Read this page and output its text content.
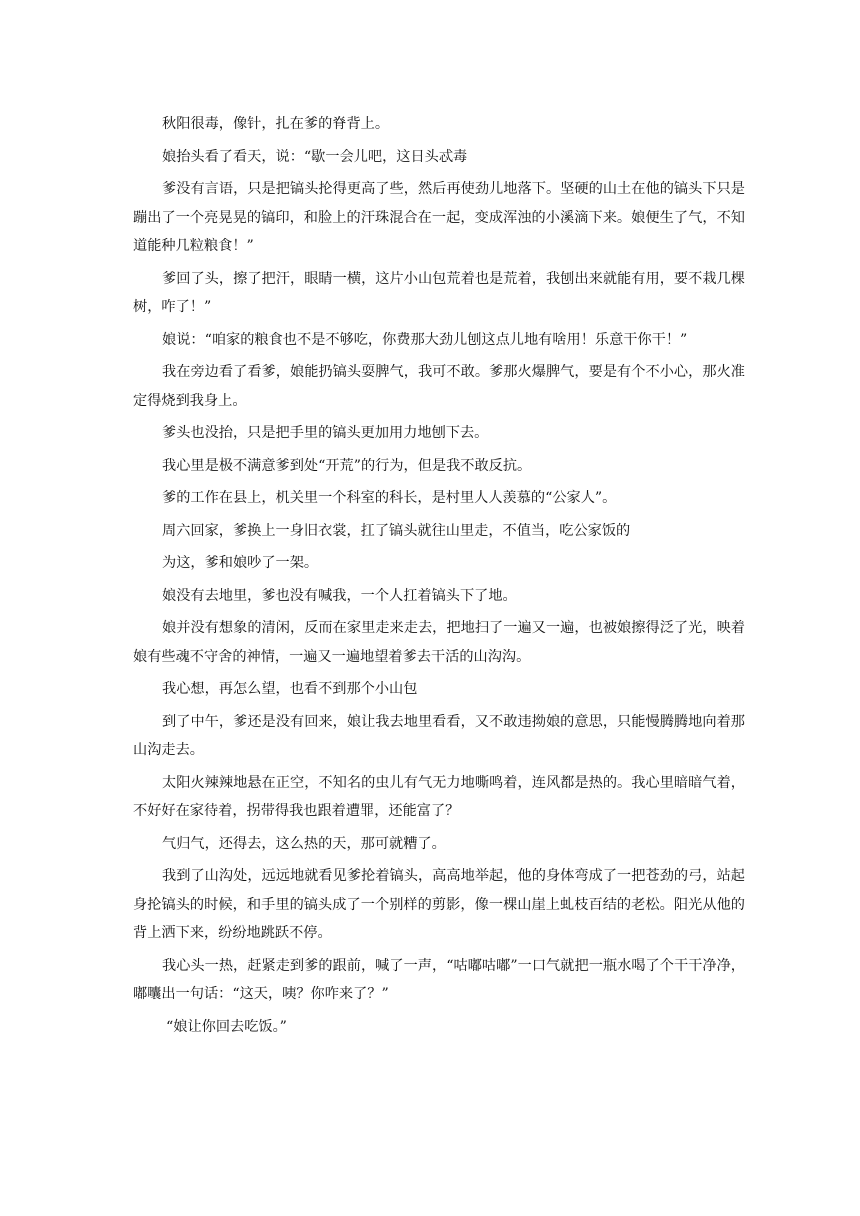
秋阳很毒，像针，扎在爹的脊背上。

娘抬头看了看天，说：“歇一会儿吧，这日头忒毒

爹没有言语，只是把镐头抡得更高了些，然后再使劲儿地落下。坚硬的山土在他的镐头下只是蹦出了一个亮晃晃的镐印，和脸上的汗珠混合在一起，变成浑浊的小溪滴下来。娘便生了气，不知道能种几粒粮食！”

爹回了头，擦了把汗，眼睛一横，这片小山包荒着也是荒着，我刨出来就能有用，要不栽几棵树，咋了！”

娘说：“咱家的粮食也不是不够吃，你费那大劲儿刨这点儿地有啥用！乐意干你干！”

我在旁边看了看爹，娘能扔镐头耍脾气，我可不敢。爹那火爆脾气，要是有个不小心，那火准定得烧到我身上。

爹头也没抬，只是把手里的镐头更加用力地刨下去。

我心里是极不满意爹到处“开荒”的行为，但是我不敢反抗。

爹的工作在县上，机关里一个科室的科长，是村里人人羡慕的“公家人”。

周六回家，爹换上一身旧衣裳，扛了镐头就往山里走，不值当，吃公家饭的

为这，爹和娘吵了一架。

娘没有去地里，爹也没有喊我，一个人扛着镐头下了地。

娘并没有想象的清闲，反而在家里走来走去，把地扫了一遍又一遍，也被娘擦得泛了光，映着娘有些魂不守舍的神情，一遍又一遍地望着爹去干活的山沟沟。

我心想，再怎么望，也看不到那个小山包

到了中午，爹还是没有回来，娘让我去地里看看，又不敢违拗娘的意思，只能慢腾腾地向着那山沟走去。

太阳火辣辣地悬在正空，不知名的虫儿有气无力地嘶鸣着，连风都是热的。我心里暗暗气着，不好好在家待着，拐带得我也跟着遭罪，还能富了？

气归气，还得去，这么热的天，那可就糟了。

我到了山沟处，远远地就看见爹抡着镐头，高高地举起，他的身体弯成了一把苍劲的弓，站起身抡镐头的时候，和手里的镐头成了一个别样的剪影，像一棵山崖上虬枝百结的老松。阳光从他的背上洒下来，纷纷地跳跃不停。

我心头一热，赶紧走到爹的跟前，喊了一声，“咕嘟咕嘟”一口气就把一瓶水喝了个干干净净，嘟囔出一句话：“这天，咦？你咋来了？”

“娘让你回去吃饭。”
